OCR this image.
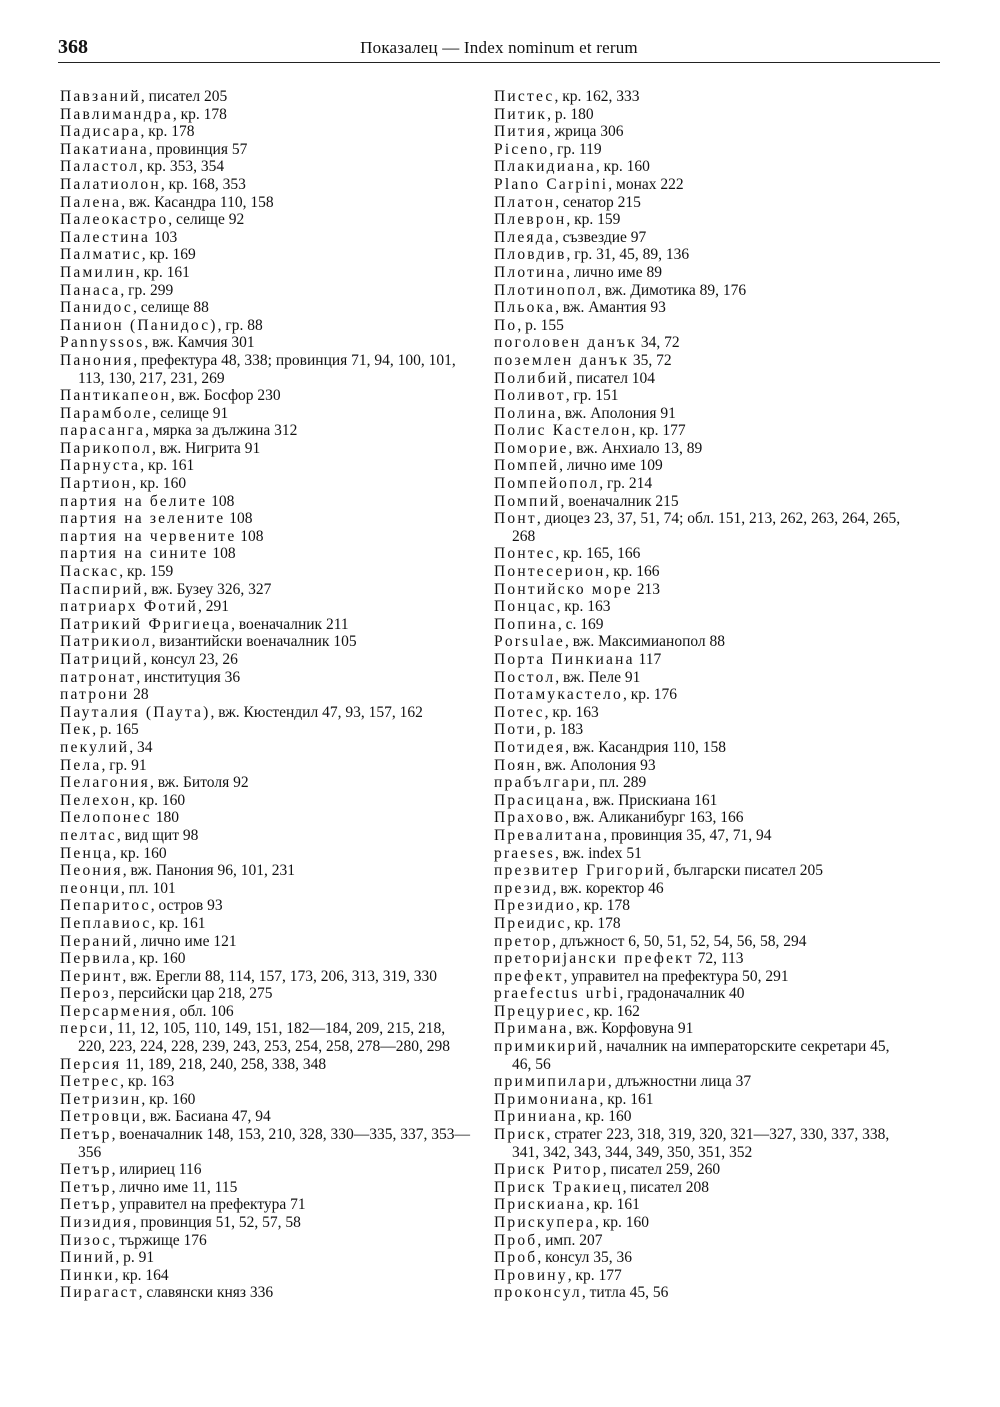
368	Показалец — Index nominum et rerum
Павзаний, писател 205
Павлимандра, кр. 178
Падисара, кр. 178
Пакатиана, провинция 57
Паластол, кр. 353, 354
Палатиолон, кр. 168, 353
Палена, вж. Касандра 110, 158
Палеокастро, селище 92
Палестина 103
Палматис, кр. 169
Памилин, кр. 161
Панаса, гр. 299
Панидос, селище 88
Панион (Панидос), гр. 88
Pannyssos, вж. Камчия 301
Панония, префектура 48, 338; провинция 71, 94, 100, 101, 113, 130, 217, 231, 269
Пантикапеон, вж. Босфор 230
Парамболе, селище 91
парасанга, мярка за дължина 312
Парикопол, вж. Нигрита 91
Парнуста, кр. 161
Партион, кр. 160
партия на белите 108
партия на зелените 108
партия на червените 108
партия на сините 108
Паскас, кр. 159
Паспирий, вж. Бузеу 326, 327
патриарх Фотий, 291
Патрикий Фригиеца, военачалник 211
Патрикиол, византийски военачалник 105
Патриций, консул 23, 26
патронат, институция 36
патрони 28
Пауталия (Паута), вж. Кюстендил 47, 93, 157, 162
Пек, р. 165
пекулий, 34
Пела, гр. 91
Пелагония, вж. Битоля 92
Пелехон, кр. 160
Пелопонес 180
пелтас, вид щит 98
Пенца, кр. 160
Пеония, вж. Панония 96, 101, 231
пеонци, пл. 101
Пепаритос, остров 93
Пеплавиос, кр. 161
Пераний, лично име 121
Первила, кр. 160
Перинт, вж. Ерегли 88, 114, 157, 173, 206, 313, 319, 330
Пероз, персийски цар 218, 275
Персармения, обл. 106
перси, 11, 12, 105, 110, 149, 151, 182—184, 209, 215, 218, 220, 223, 224, 228, 239, 243, 253, 254, 258, 278—280, 298
Персия 11, 189, 218, 240, 258, 338, 348
Петрес, кр. 163
Петризин, кр. 160
Петровци, вж. Басиана 47, 94
Петър, военачалник 148, 153, 210, 328, 330—335, 337, 353—356
Петър, илириец 116
Петър, лично име 11, 115
Петър, управител на префектура 71
Пизидия, провинция 51, 52, 57, 58
Пизос, тържище 176
Пиний, р. 91
Пинки, кр. 164
Пирагаст, славянски княз 336
Пистес, кр. 162, 333
Питик, р. 180
Пития, жрица 306
Piceno, гр. 119
Плакидиана, кр. 160
Plano Carpini, монах 222
Платон, сенатор 215
Плеврон, кр. 159
Плеяда, съзвездие 97
Пловдив, гр. 31, 45, 89, 136
Плотина, лично име 89
Плотинопол, вж. Димотика 89, 176
Пльока, вж. Амантия 93
По, р. 155
поголовен данък 34, 72
поземлен данък 35, 72
Полибий, писател 104
Поливот, гр. 151
Полина, вж. Аполония 91
Полис Кастелон, кр. 177
Поморие, вж. Анхиало 13, 89
Помпей, лично име 109
Помпейопол, гр. 214
Помпий, военачалник 215
Понт, диоцез 23, 37, 51, 74; обл. 151, 213, 262, 263, 264, 265, 268
Понтес, кр. 165, 166
Понтесерион, кр. 166
Понтийско море 213
Понцас, кр. 163
Попина, с. 169
Porsulae, вж. Максимианопол 88
Порта Пинкиана 117
Постол, вж. Пеле 91
Потамукастело, кр. 176
Потес, кр. 163
Поти, р. 183
Потидея, вж. Касандрия 110, 158
Поян, вж. Аполония 93
прабългари, пл. 289
Прасицана, вж. Прискиана 161
Прахово, вж. Аликанибург 163, 166
Превалитана, провинция 35, 47, 71, 94
praeses, вж. index 51
презвитер Григорий, български писател 205
презид, вж. коректор 46
Президио, кр. 178
Преидис, кр. 178
претор, длъжност 6, 50, 51, 52, 54, 56, 58, 294
преторијански префект 72, 113
префект, управител на префектура 50, 291
praefectus urbi, градоначалник 40
Прецуриес, кр. 162
Примана, вж. Корфовуна 91
примикирий, началник на императорските секретари 45, 46, 56
примипилари, длъжностни лица 37
Примониана, кр. 161
Принианa, кр. 160
Приск, стратег 223, 318, 319, 320, 321—327, 330, 337, 338, 341, 342, 343, 344, 349, 350, 351, 352
Приск Ритор, писател 259, 260
Приск Тракиец, писател 208
Прискиана, кр. 161
Прискупера, кр. 160
Проб, имп. 207
Проб, консул 35, 36
Провину, кр. 177
проконсул, титла 45, 56
